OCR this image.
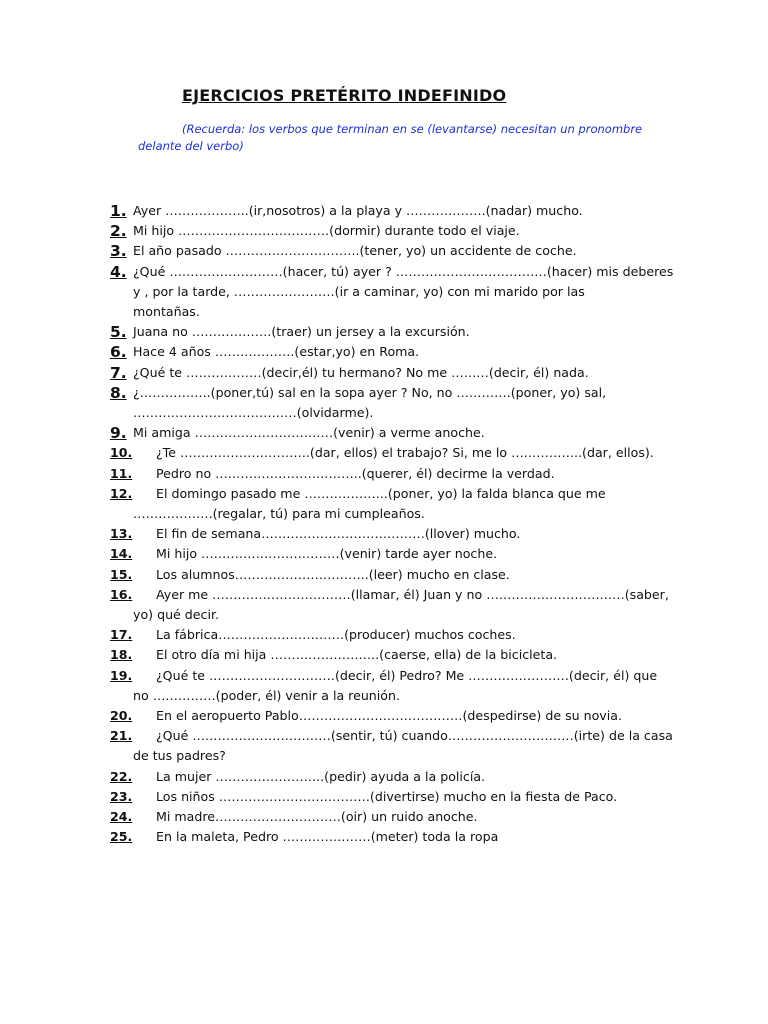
EJERCICIOS PRETÉRITO INDEFINIDO
(Recuerda: los verbos que terminan en se (levantarse) necesitan un pronombre delante del verbo)
1. Ayer ………………..(ir,nosotros) a la playa y ……………….(nadar) mucho.
2. Mi hijo ………………………………(dormir) durante todo el viaje.
3. El año pasado …………………………..(tener, yo) un accidente de coche.
4. ¿Qué ………………………(hacer, tú) ayer ? ………………………………(hacer) mis deberes
y , por la tarde, ……………………(ir a caminar, yo) con mi marido por las
montañas.
5. Juana no ……………….(traer) un jersey a la excursión.
6. Hace 4 años ……………….(estar,yo) en Roma.
7. ¿Qué te ………………(decir,él) tu hermano? No me ………(decir, él) nada.
8. ¿……………..(poner,tú) sal en la sopa ayer ? No, no ………….(poner, yo) sal,
…………………………………(olvidarme).
9. Mi amiga ……………………………(venir) a verme anoche.
10. ¿Te ………………………….(dar, ellos) el trabajo? Si, me lo ……………..(dar, ellos).
11. Pedro no ……………………………..(querer, él) decirme la verdad.
12. El domingo pasado me ………………..(poner, yo) la falda blanca que me
……………….(regalar, tú) para mi cumpleaños.
13. El fin de semana…………………………………(llover) mucho.
14. Mi hijo ……………………………(venir) tarde ayer noche.
15. Los alumnos…………………………..(leer) mucho en clase.
16. Ayer me ……………………………(llamar, él) Juan y no ……………………………(saber,
yo) qué decir.
17. La fábrica…………………………(producer) muchos coches.
18. El otro día mi hija ……………………..(caerse, ella) de la bicicleta.
19. ¿Qué te …………………………(decir, él) Pedro? Me ……………………(decir, él) que
no ……………(poder, él) venir a la reunión.
20. En el aeropuerto Pablo…………………………………(despedirse) de su novia.
21. ¿Qué ……………………………(sentir, tú) cuando…………………………(irte) de la casa
de tus padres?
22. La mujer ……………………..(pedir) ayuda a la policía.
23. Los niños ………………………………(divertirse) mucho en la fiesta de Paco.
24. Mi madre…………………………(oir) un ruido anoche.
25. En la maleta, Pedro …………………(meter) toda la ropa
